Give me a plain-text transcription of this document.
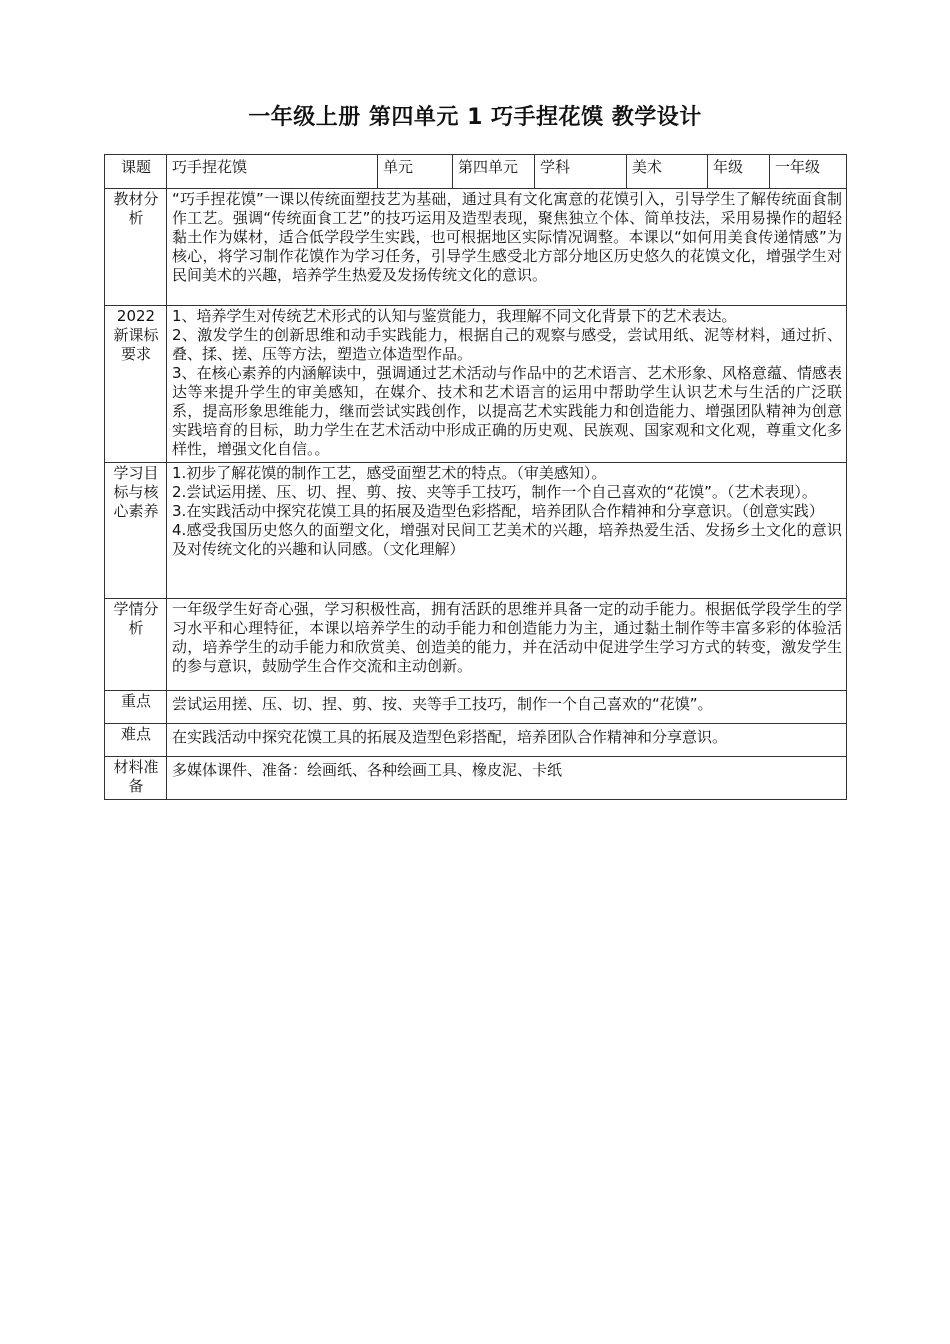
一年级上册 第四单元 1 巧手捏花馍 教学设计
课题	巧手捏花馍	单元	第四单元	学科	美术	年级	一年级
教材分析	“巧手捏花馍”一课以传统面塑技艺为基础，通过具有文化寓意的花馍引入，引导学生了解传统面食制作工艺。强调“传统面食工艺”的技巧运用及造型表现，聚焦独立个体、简单技法，采用易操作的超轻黏土作为媒材，适合低学段学生实践，也可根据地区实际情况调整。本课以“如何用美食传递情感”为核心，将学习制作花馍作为学习任务，引导学生感受北方部分地区历史悠久的花馍文化，增强学生对民间美术的兴趣，培养学生热爱及发扬传统文化的意识。						
2022新课标要求	1、培养学生对传统艺术形式的认知与鉴赏能力，我理解不同文化背景下的艺术表达。
2、激发学生的创新思维和动手实践能力，根据自己的观察与感受，尝试用纸、泥等材料，通过折、叠、揉、搓、压等方法，塑造立体造型作品。
3、在核心素养的内涵解读中，强调通过艺术活动与作品中的艺术语言、艺术形象、风格意蕴、情感表达等来提升学生的审美感知，在媒介、技术和艺术语言的运用中帮助学生认识艺术与生活的广泛联系，提高形象思维能力，继而尝试实践创作，以提高艺术实践能力和创造能力、增强团队精神为创意实践培育的目标，助力学生在艺术活动中形成正确的历史观、民族观、国家观和文化观，尊重文化多样性，增强文化自信。。						

学习目标与核心素养	1.初步了解花馍的制作工艺，感受面塑艺术的特点。（审美感知）。
2.尝试运用搓、压、切、捏、剪、按、夹等手工技巧，制作一个自己喜欢的“花馍”。（艺术表现）。
3.在实践活动中探究花馍工具的拓展及造型色彩搭配，培养团队合作精神和分享意识。（创意实践）
4.感受我国历史悠久的面塑文化，增强对民间工艺美术的兴趣，培养热爱生活、发扬乡土文化的意识及对传统文化的兴趣和认同感。（文化理解）						

学情分析	一年级学生好奇心强，学习积极性高，拥有活跃的思维并具备一定的动手能力。根据低学段学生的学习水平和心理特征，本课以培养学生的动手能力和创造能力为主，通过黏土制作等丰富多彩的体验活动，培养学生的动手能力和欣赏美、创造美的能力，并在活动中促进学生学习方式的转变，激发学生的参与意识，鼓励学生合作交流和主动创新。						
重点	尝试运用搓、压、切、捏、剪、按、夹等手工技巧，制作一个自己喜欢的“花馍”。						
难点	在实践活动中探究花馍工具的拓展及造型色彩搭配，培养团队合作精神和分享意识。						
材料准备	多媒体课件、准备：绘画纸、各种绘画工具、橡皮泥、卡纸						
